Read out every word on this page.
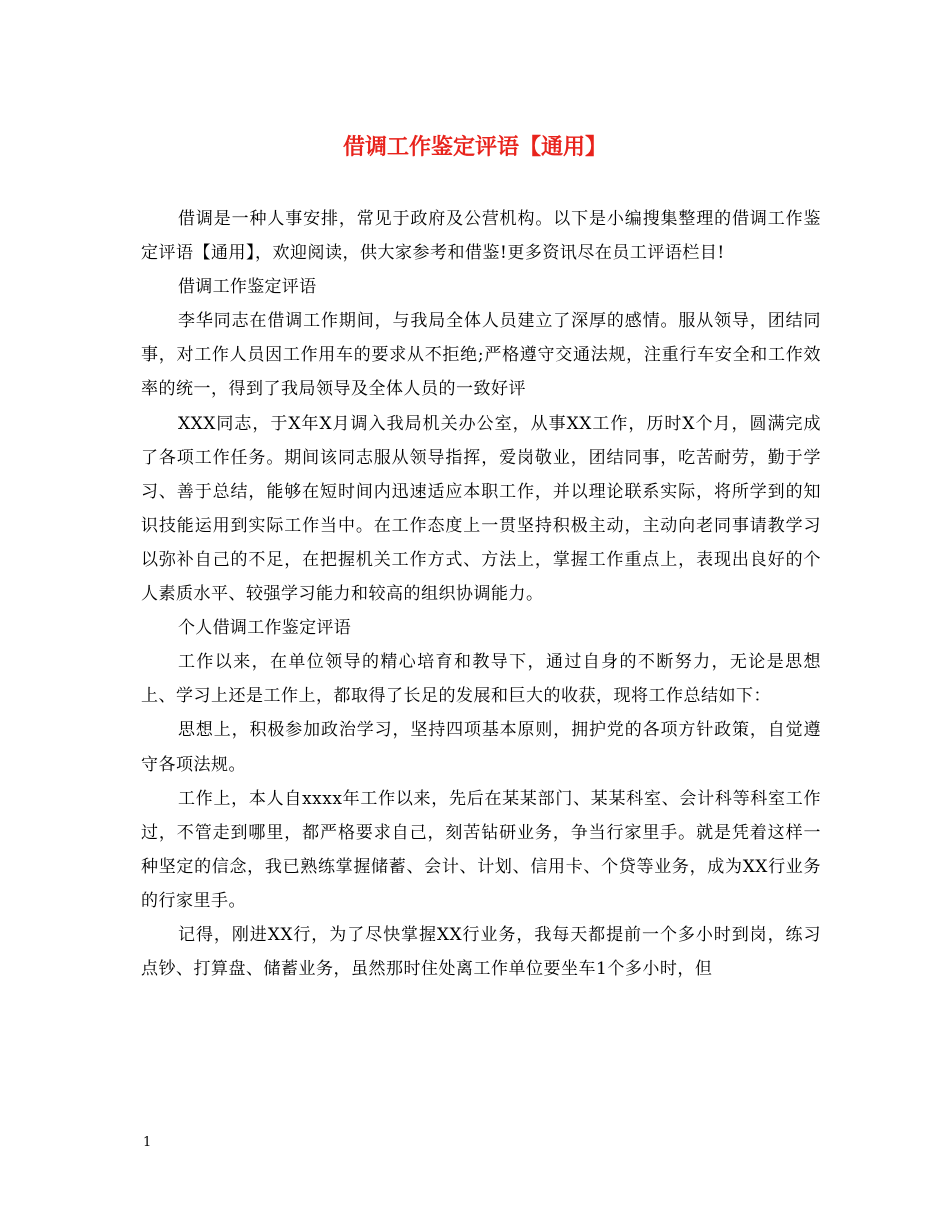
借调工作鉴定评语【通用】

借调是一种人事安排，常见于政府及公营机构。以下是小编搜集整理的借调工作鉴定评语【通用】，欢迎阅读，供大家参考和借鉴!更多资讯尽在员工评语栏目!

借调工作鉴定评语

李华同志在借调工作期间，与我局全体人员建立了深厚的感情。服从领导，团结同事，对工作人员因工作用车的要求从不拒绝;严格遵守交通法规，注重行车安全和工作效率的统一，得到了我局领导及全体人员的一致好评

XXX同志，于X年X月调入我局机关办公室，从事XX工作，历时X个月，圆满完成了各项工作任务。期间该同志服从领导指挥，爱岗敬业，团结同事，吃苦耐劳，勤于学习、善于总结，能够在短时间内迅速适应本职工作，并以理论联系实际，将所学到的知识技能运用到实际工作当中。在工作态度上一贯坚持积极主动，主动向老同事请教学习以弥补自己的不足，在把握机关工作方式、方法上，掌握工作重点上，表现出良好的个人素质水平、较强学习能力和较高的组织协调能力。

个人借调工作鉴定评语

工作以来，在单位领导的精心培育和教导下，通过自身的不断努力，无论是思想上、学习上还是工作上，都取得了长足的发展和巨大的收获，现将工作总结如下：

思想上，积极参加政治学习，坚持四项基本原则，拥护党的各项方针政策，自觉遵守各项法规。

工作上，本人自xxxx年工作以来，先后在某某部门、某某科室、会计科等科室工作过，不管走到哪里，都严格要求自己，刻苦钻研业务，争当行家里手。就是凭着这样一种坚定的信念，我已熟练掌握储蓄、会计、计划、信用卡、个贷等业务，成为XX行业务的行家里手。

记得，刚进XX行，为了尽快掌握XX行业务，我每天都提前一个多小时到岗，练习点钞、打算盘、储蓄业务，虽然那时住处离工作单位要坐车1个多小时，但

1
